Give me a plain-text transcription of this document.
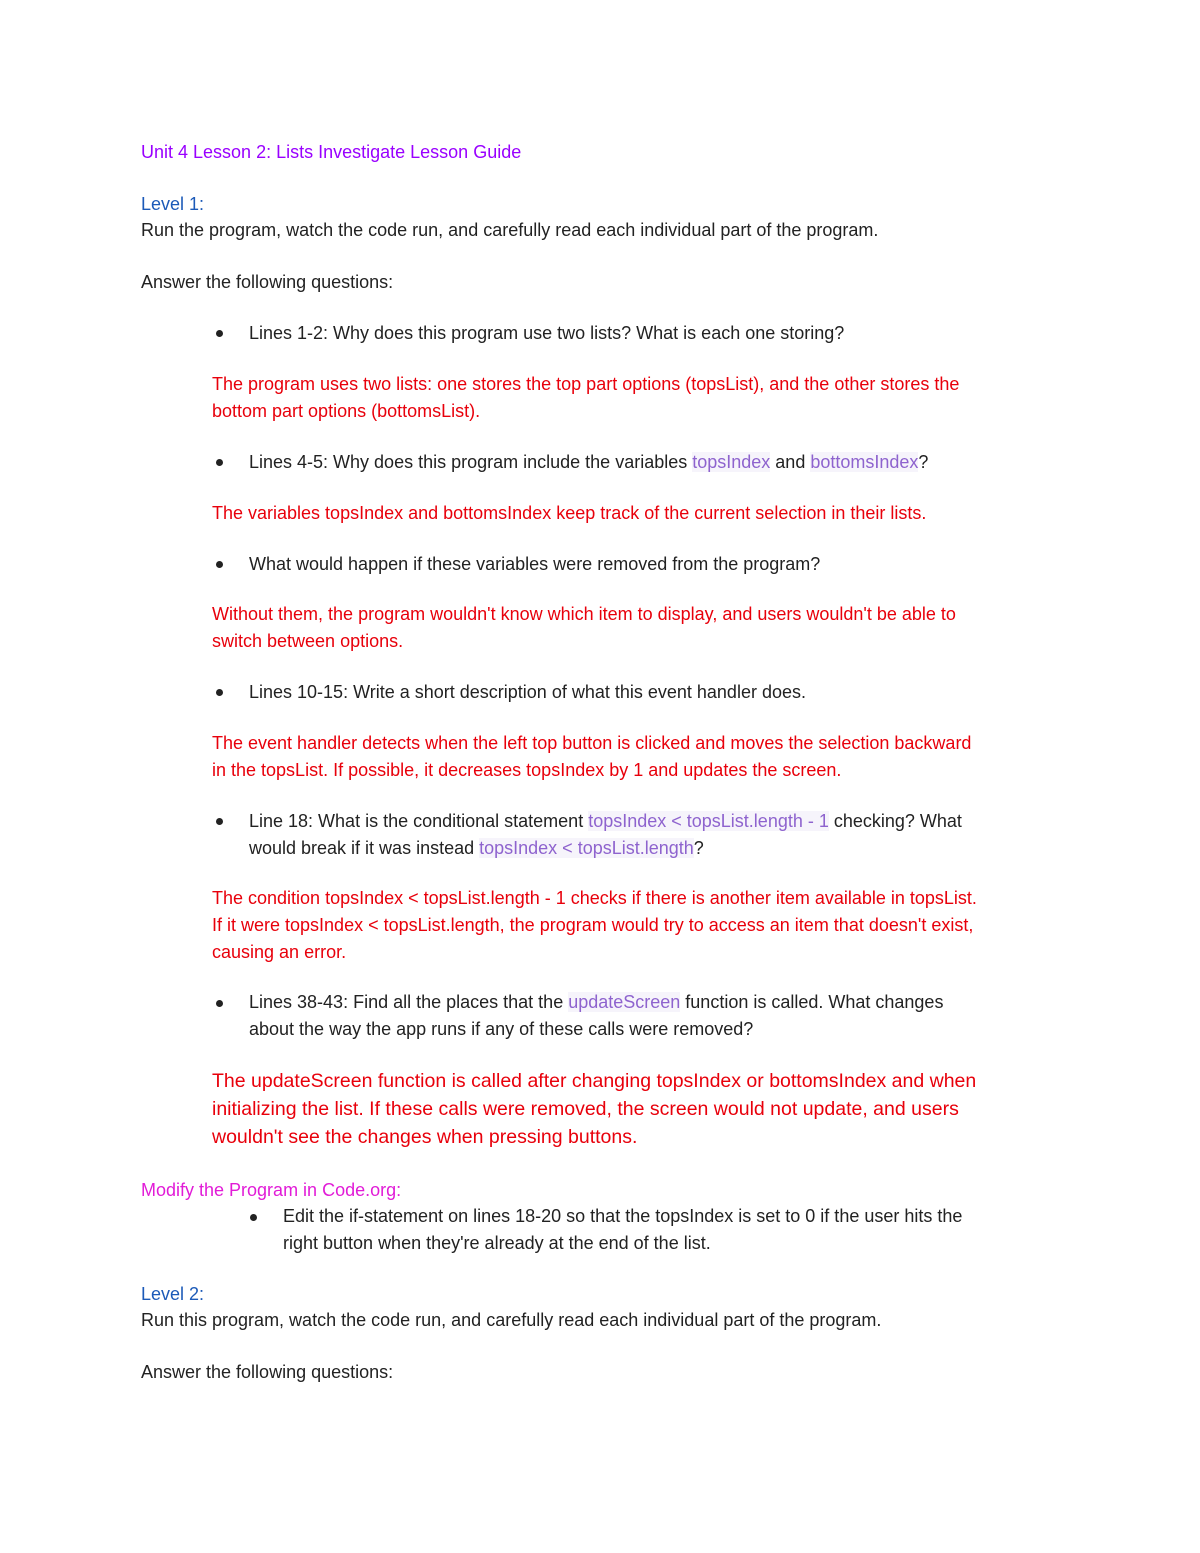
Unit 4 Lesson 2: Lists Investigate Lesson Guide
Level 1:
Run the program, watch the code run, and carefully read each individual part of the program.
Answer the following questions:
Lines 1-2: Why does this program use two lists? What is each one storing?
The program uses two lists: one stores the top part options (topsList), and the other stores the
bottom part options (bottomsList).
Lines 4-5: Why does this program include the variables topsIndex and bottomsIndex?
The variables topsIndex and bottomsIndex keep track of the current selection in their lists.
What would happen if these variables were removed from the program?
Without them, the program wouldn't know which item to display, and users wouldn't be able to
switch between options.
Lines 10-15: Write a short description of what this event handler does.
The event handler detects when the left top button is clicked and moves the selection backward
in the topsList. If possible, it decreases topsIndex by 1 and updates the screen.
Line 18: What is the conditional statement topsIndex < topsList.length - 1 checking? What
would break if it was instead topsIndex < topsList.length?
The condition topsIndex < topsList.length - 1 checks if there is another item available in topsList.
If it were topsIndex < topsList.length, the program would try to access an item that doesn't exist,
causing an error.
Lines 38-43: Find all the places that the updateScreen function is called. What changes
about the way the app runs if any of these calls were removed?
The updateScreen function is called after changing topsIndex or bottomsIndex and when
initializing the list. If these calls were removed, the screen would not update, and users
wouldn't see the changes when pressing buttons.
Modify the Program in Code.org:
Edit the if-statement on lines 18-20 so that the topsIndex is set to 0 if the user hits the
right button when they're already at the end of the list.
Level 2:
Run this program, watch the code run, and carefully read each individual part of the program.
Answer the following questions:
